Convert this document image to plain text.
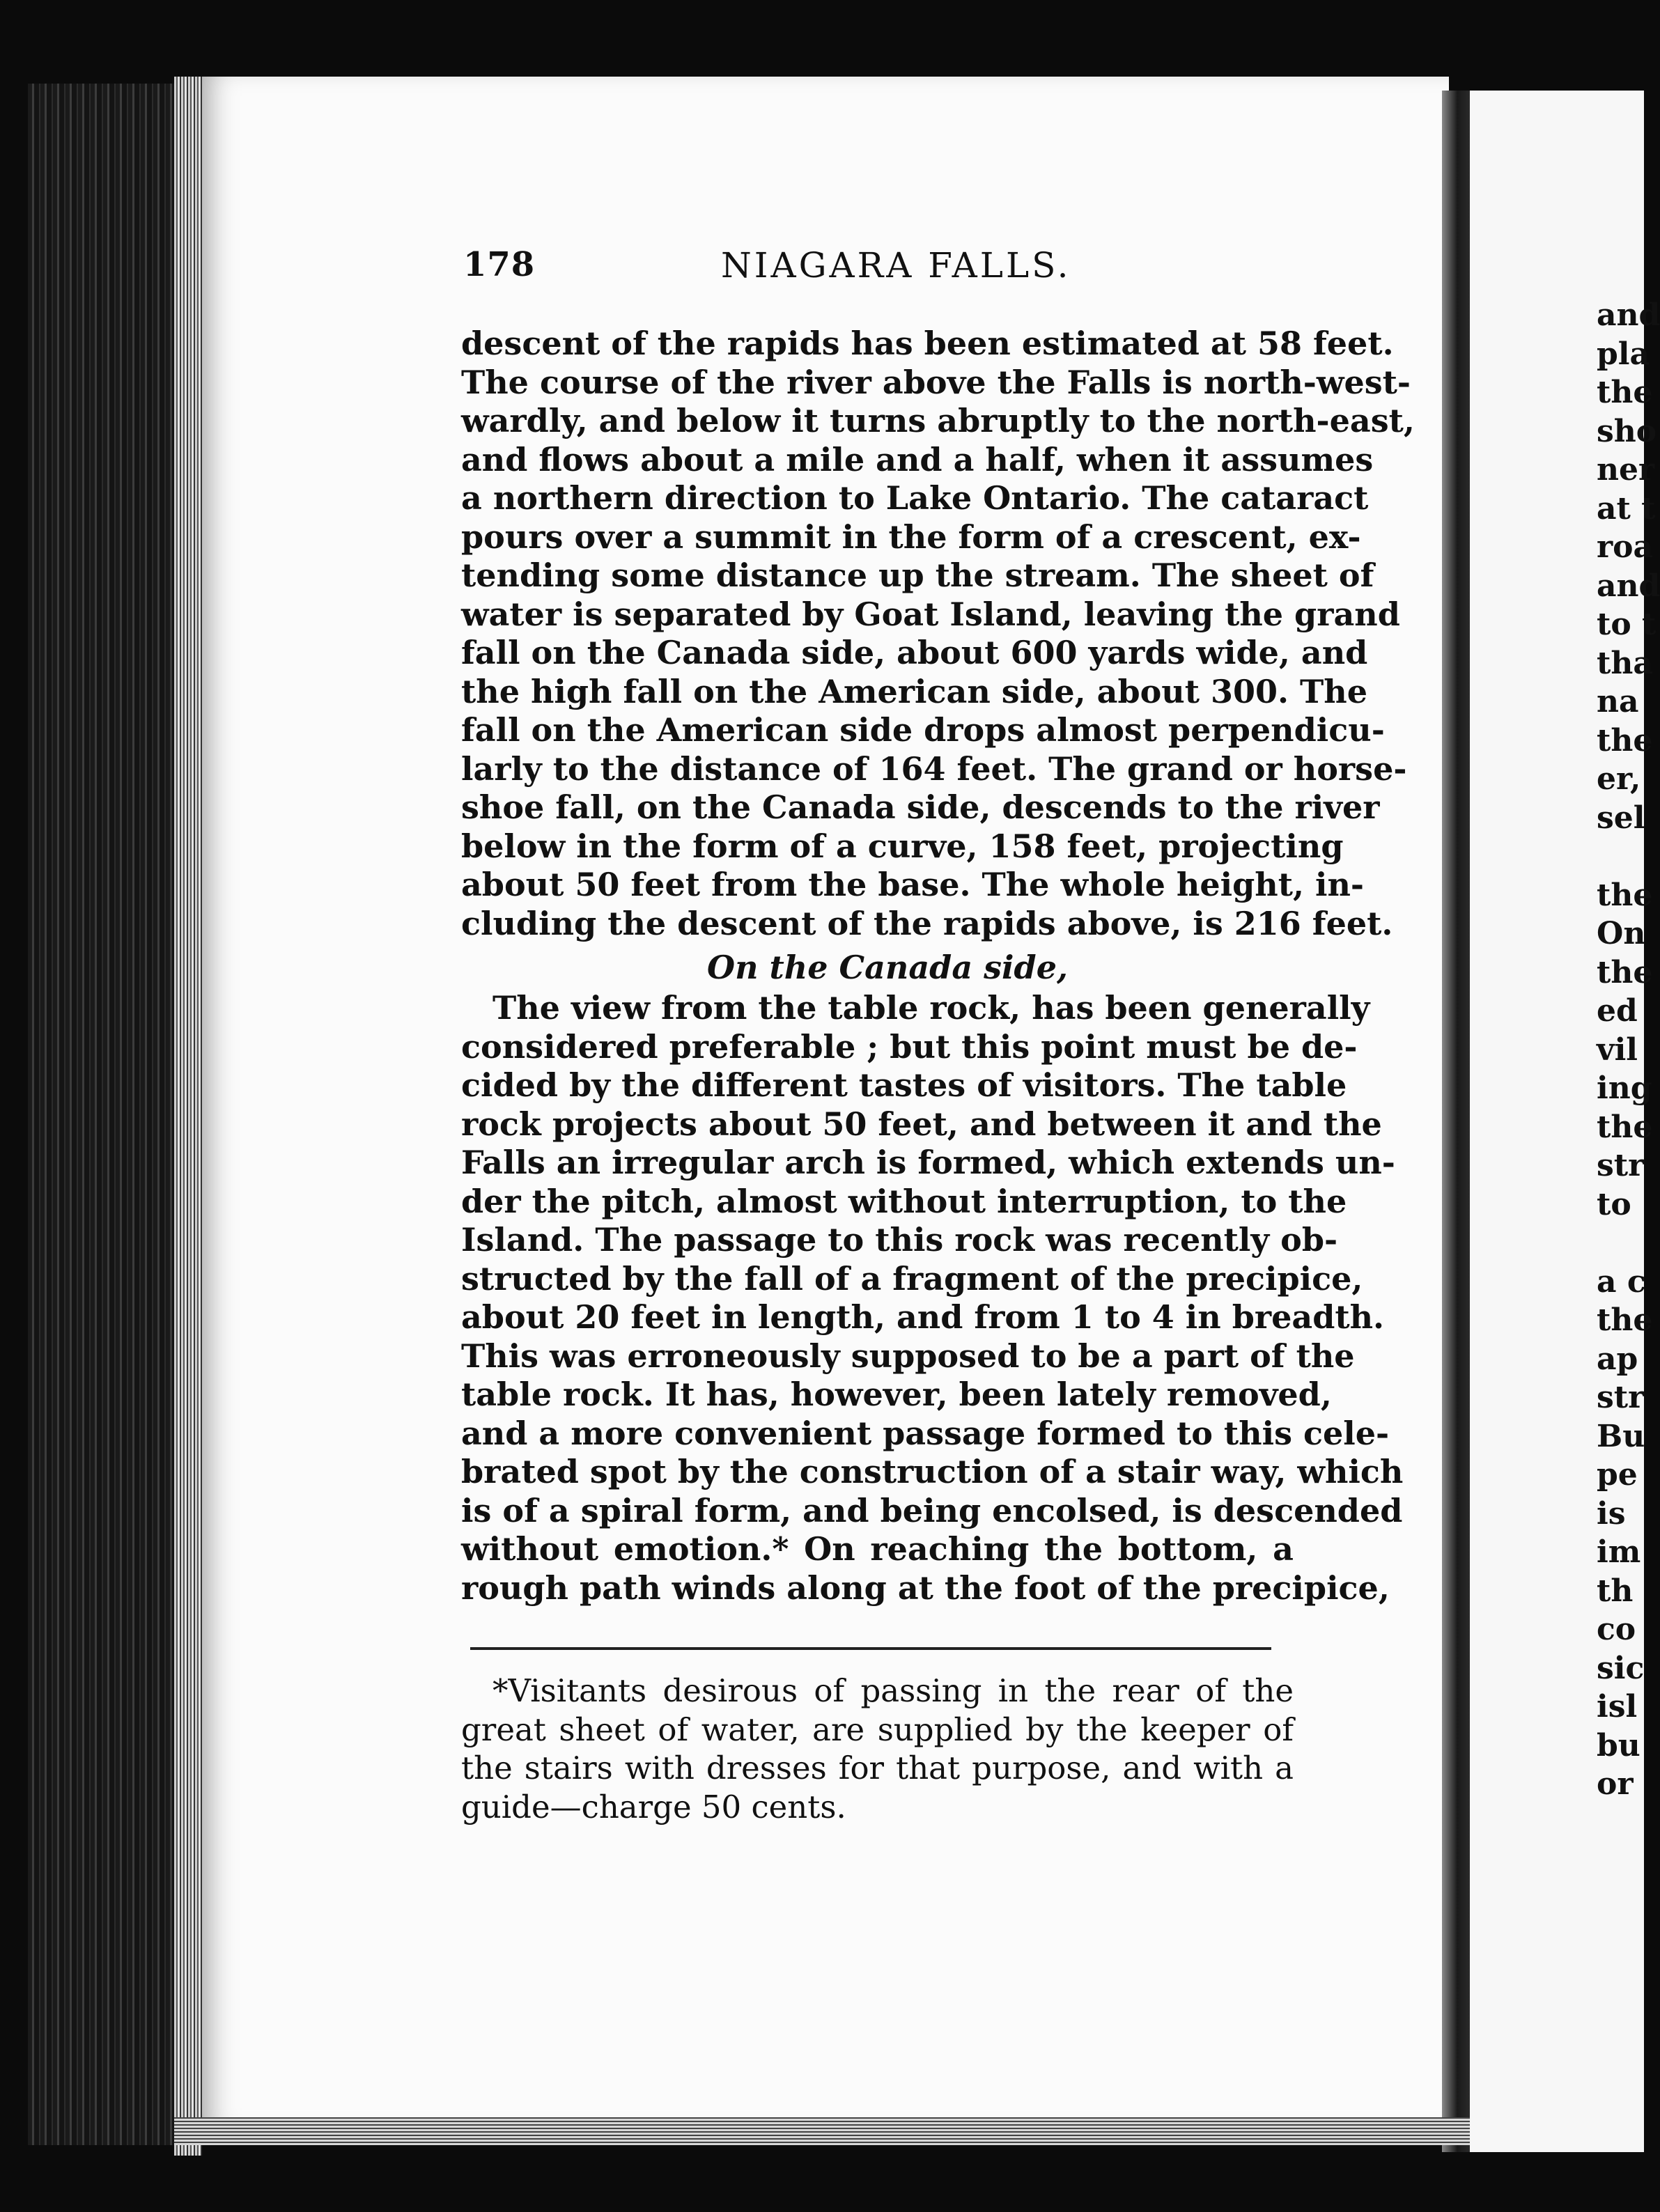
178	NIAGARA FALLS.
descent of the rapids has been estimated at 58 feet.
The course of the river above the Falls is north-west-
wardly, and below it turns abruptly to the north-east,
and flows about a mile and a half, when it assumes
a northern direction to Lake Ontario. The cataract
pours over a summit in the form of a crescent, ex-
tending some distance up the stream. The sheet of
water is separated by Goat Island, leaving the grand
fall on the Canada side, about 600 yards wide, and
the high fall on the American side, about 300. The
fall on the American side drops almost perpendicu-
larly to the distance of 164 feet. The grand or horse-
shoe fall, on the Canada side, descends to the river
below in the form of a curve, 158 feet, projecting
about 50 feet from the base. The whole height, in-
cluding the descent of the rapids above, is 216 feet.
On the Canada side,
The view from the table rock, has been generally
considered preferable ; but this point must be de-
cided by the different tastes of visitors. The table
rock projects about 50 feet, and between it and the
Falls an irregular arch is formed, which extends un-
der the pitch, almost without interruption, to the
Island. The passage to this rock was recently ob-
structed by the fall of a fragment of the precipice,
about 20 feet in length, and from 1 to 4 in breadth.
This was erroneously supposed to be a part of the
table rock. It has, however, been lately removed,
and a more convenient passage formed to this cele-
brated spot by the construction of a stair way, which
is of a spiral form, and being encolsed, is descended
without emotion.* On reaching the bottom, a
rough path winds along at the foot of the precipice,
*Visitants desirous of passing in the rear of the
great sheet of water, are supplied by the keeper of
the stairs with dresses for that purpose, and with a
guide—charge 50 cents.
and
pla
the
sho
ner
at t
roa
and
to t
tha
na
the
er,
sel

the
On
the
ed
vil
ing
the
str
to

a c
the
ap
str
Bu
pe
is
im
th
co
sic
isl
bu
or
